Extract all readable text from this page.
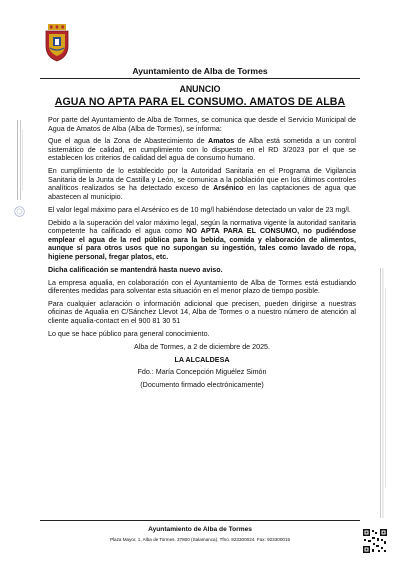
Ayuntamiento de Alba de Tormes
ANUNCIO
AGUA NO APTA PARA EL CONSUMO. AMATOS DE ALBA

Por parte del Ayuntamiento de Alba de Tormes, se comunica que desde el Servicio Municipal de Agua de Amatos de Alba (Alba de Tormes), se informa:

Que el agua de la Zona de Abastecimiento de Amatos de Alba está sometida a un control sistemático de calidad, en cumplimiento con lo dispuesto en el RD 3/2023 por el que se establecen los criterios de calidad del agua de consumo humano.

En cumplimiento de lo establecido por la Autoridad Sanitaria en el Programa de Vigilancia Sanitaria de la Junta de Castilla y León, se comunica a la población que en los últimos controles analíticos realizados se ha detectado exceso de Arsénico en las captaciones de agua que abastecen al municipio.

El valor legal máximo para el Arsénico es de 10 mg/l habiéndose detectado un valor de 23 mg/l.

Debido a la superación del valor máximo legal, según la normativa vigente la autoridad sanitaria competente ha calificado el agua como NO APTA PARA EL CONSUMO, no pudiéndose emplear el agua de la red pública para la bebida, comida y elaboración de alimentos, aunque sí para otros usos que no supongan su ingestión, tales como lavado de ropa, higiene personal, fregar platos, etc.

Dicha calificación se mantendrá hasta nuevo aviso.

La empresa aqualia, en colaboración con el Ayuntamiento de Alba de Tormes está estudiando diferentes medidas para solventar esta situación en el menor plazo de tiempo posible.

Para cualquier aclaración o información adicional que precisen, pueden dirigirse a nuestras oficinas de Aqualia en C/Sánchez Llevot 14, Alba de Tormes o a nuestro número de atención al cliente aqualia-contact en el 900 81 30 51

Lo que se hace público para general conocimiento.

Alba de Tormes, a 2 de diciembre de 2025.

LA ALCALDESA

Fdo.: María Concepción Miguélez Simón

(Documento firmado electrónicamente)

Ayuntamiento de Alba de Tormes
Plaza Mayor, 1, Alba de Tormes. 37800 (Salamanca). Tfno. 923300024. Fax: 923300015
